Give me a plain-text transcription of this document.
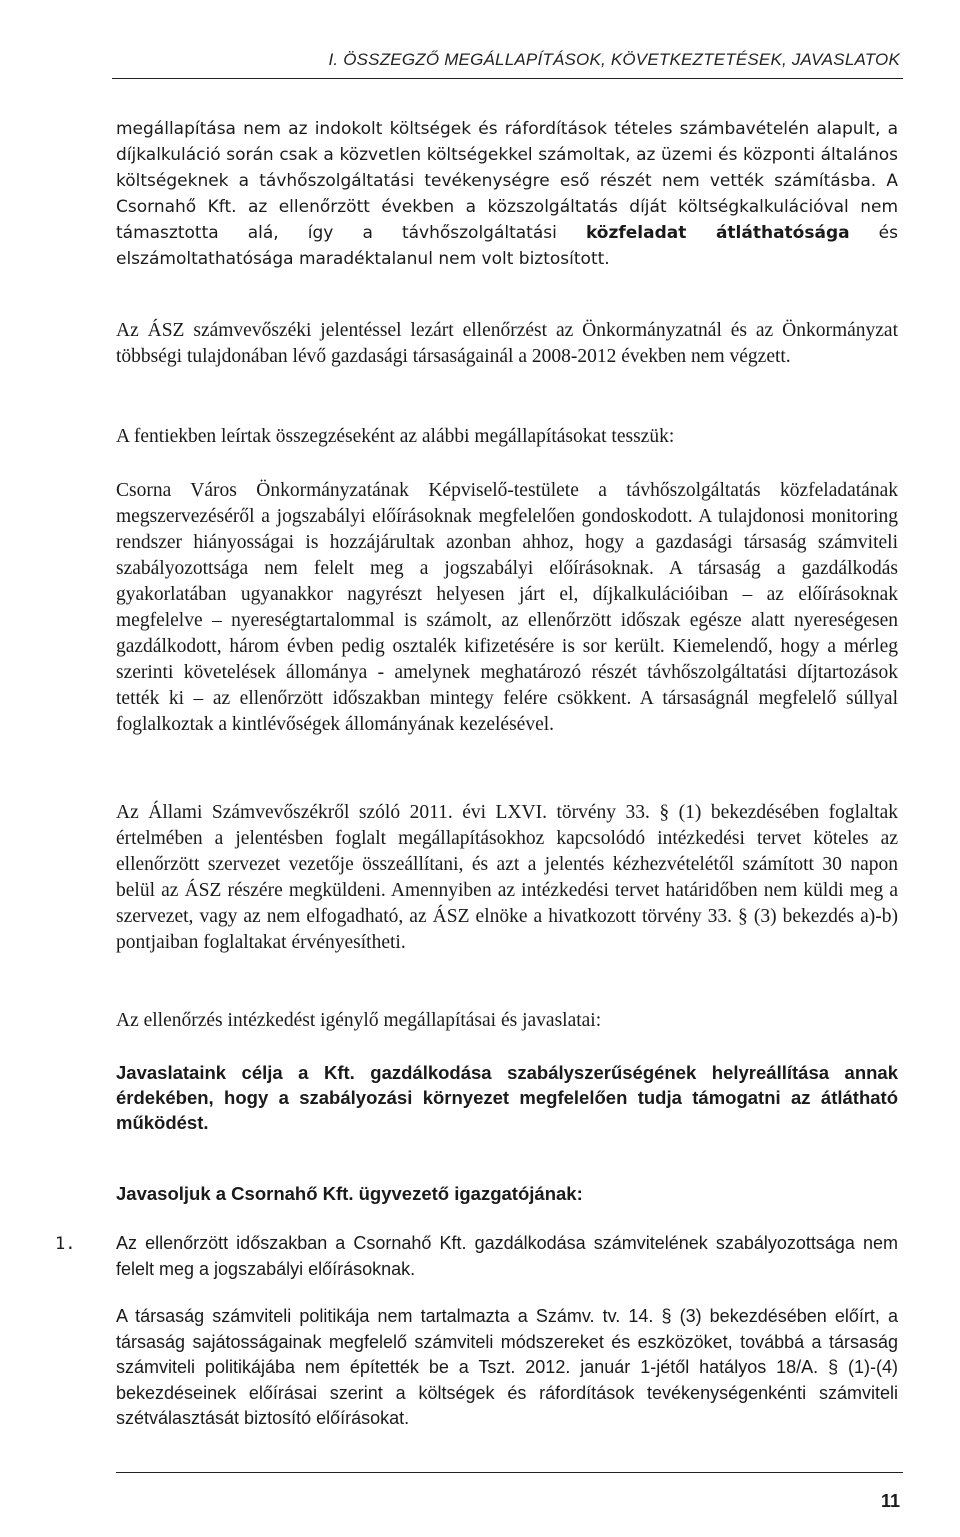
I. ÖSSZEGZŐ MEGÁLLAPÍTÁSOK, KÖVETKEZTETÉSEK, JAVASLATOK

megállapítása nem az indokolt költségek és ráfordítások tételes számbavételén alapult, a díjkalkuláció során csak a közvetlen költségekkel számoltak, az üzemi és központi általános költségeknek a távhőszolgáltatási tevékenységre eső részét nem vették számításba. A Csornahő Kft. az ellenőrzött években a közszolgáltatás díját költségkalkulációval nem támasztotta alá, így a távhőszolgáltatási közfeladat átláthatósága és elszámoltathatósága maradéktalanul nem volt biztosított.

Az ÁSZ számvevőszéki jelentéssel lezárt ellenőrzést az Önkormányzatnál és az Önkormányzat többségi tulajdonában lévő gazdasági társaságainál a 2008-2012 években nem végzett.

A fentiekben leírtak összegzéseként az alábbi megállapításokat tesszük:

Csorna Város Önkormányzatának Képviselő-testülete a távhőszolgáltatás közfeladatának megszervezéséről a jogszabályi előírásoknak megfelelően gondoskodott. A tulajdonosi monitoring rendszer hiányosságai is hozzájárultak azonban ahhoz, hogy a gazdasági társaság számviteli szabályozottsága nem felelt meg a jogszabályi előírásoknak. A társaság a gazdálkodás gyakorlatában ugyanakkor nagyrészt helyesen járt el, díjkalkulációiban – az előírásoknak megfelelve – nyereségtartalommal is számolt, az ellenőrzött időszak egésze alatt nyereségesen gazdálkodott, három évben pedig osztalék kifizetésére is sor került. Kiemelendő, hogy a mérleg szerinti követelések állománya - amelynek meghatározó részét távhőszolgáltatási díjtartozások tették ki – az ellenőrzött időszakban mintegy felére csökkent. A társaságnál megfelelő súllyal foglalkoztak a kintlévőségek állományának kezelésével.

Az Állami Számvevőszékről szóló 2011. évi LXVI. törvény 33. § (1) bekezdésében foglaltak értelmében a jelentésben foglalt megállapításokhoz kapcsolódó intézkedési tervet köteles az ellenőrzött szervezet vezetője összeállítani, és azt a jelentés kézhezvételétől számított 30 napon belül az ÁSZ részére megküldeni. Amennyiben az intézkedési tervet határidőben nem küldi meg a szervezet, vagy az nem elfogadható, az ÁSZ elnöke a hivatkozott törvény 33. § (3) bekezdés a)-b) pontjaiban foglaltakat érvényesítheti.

Az ellenőrzés intézkedést igénylő megállapításai és javaslatai:

Javaslataink célja a Kft. gazdálkodása szabályszerűségének helyreállítása annak érdekében, hogy a szabályozási környezet megfelelően tudja támogatni az átlátható működést.

Javasoljuk a Csornahő Kft. ügyvezető igazgatójának:

1. Az ellenőrzött időszakban a Csornahő Kft. gazdálkodása számvitelének szabályozottsága nem felelt meg a jogszabályi előírásoknak.

A társaság számviteli politikája nem tartalmazta a Számv. tv. 14. § (3) bekezdésében előírt, a társaság sajátosságainak megfelelő számviteli módszereket és eszközöket, továbbá a társaság számviteli politikájába nem építették be a Tszt. 2012. január 1-jétől hatályos 18/A. § (1)-(4) bekezdéseinek előírásai szerint a költségek és ráfordítások tevékenységenkénti számviteli szétválasztását biztosító előírásokat.

11
